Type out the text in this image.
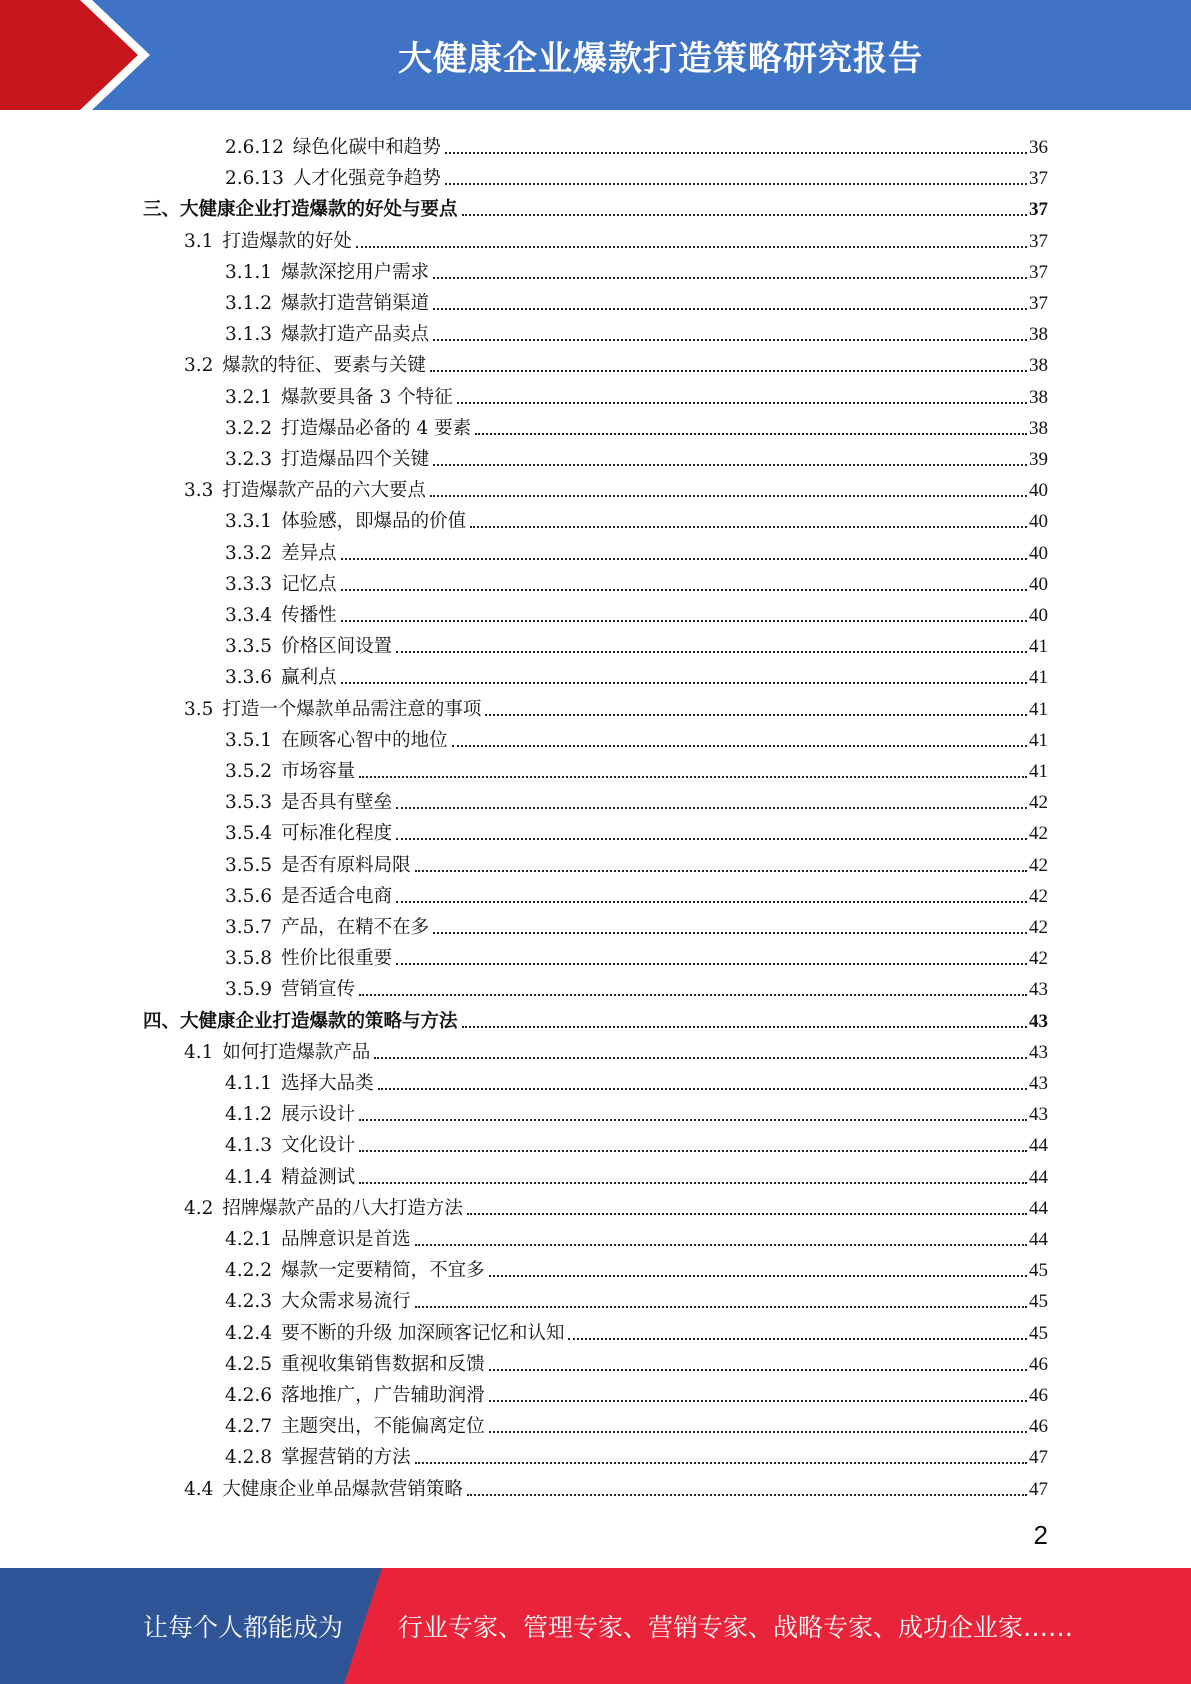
大健康企业爆款打造策略研究报告
2.6.12 绿色化碳中和趋势	36
2.6.13 人才化强竞争趋势	37
三、大健康企业打造爆款的好处与要点	37
3.1 打造爆款的好处	37
3.1.1 爆款深挖用户需求	37
3.1.2 爆款打造营销渠道	37
3.1.3 爆款打造产品卖点	38
3.2 爆款的特征、要素与关键	38
3.2.1 爆款要具备 3 个特征	38
3.2.2 打造爆品必备的 4 要素	38
3.2.3 打造爆品四个关键	39
3.3 打造爆款产品的六大要点	40
3.3.1 体验感，即爆品的价值	40
3.3.2 差异点	40
3.3.3 记忆点	40
3.3.4 传播性	40
3.3.5 价格区间设置	41
3.3.6 赢利点	41
3.5 打造一个爆款单品需注意的事项	41
3.5.1 在顾客心智中的地位	41
3.5.2 市场容量	41
3.5.3 是否具有壁垒	42
3.5.4 可标准化程度	42
3.5.5 是否有原料局限	42
3.5.6 是否适合电商	42
3.5.7 产品，在精不在多	42
3.5.8 性价比很重要	42
3.5.9 营销宣传	43
四、大健康企业打造爆款的策略与方法	43
4.1 如何打造爆款产品	43
4.1.1 选择大品类	43
4.1.2 展示设计	43
4.1.3 文化设计	44
4.1.4 精益测试	44
4.2 招牌爆款产品的八大打造方法	44
4.2.1 品牌意识是首选	44
4.2.2 爆款一定要精简，不宜多	45
4.2.3 大众需求易流行	45
4.2.4 要不断的升级 加深顾客记忆和认知	45
4.2.5 重视收集销售数据和反馈	46
4.2.6 落地推广，广告辅助润滑	46
4.2.7 主题突出，不能偏离定位	46
4.2.8 掌握营销的方法	47
4.4 大健康企业单品爆款营销策略	47
2
让每个人都能成为 行业专家、管理专家、营销专家、战略专家、成功企业家……
